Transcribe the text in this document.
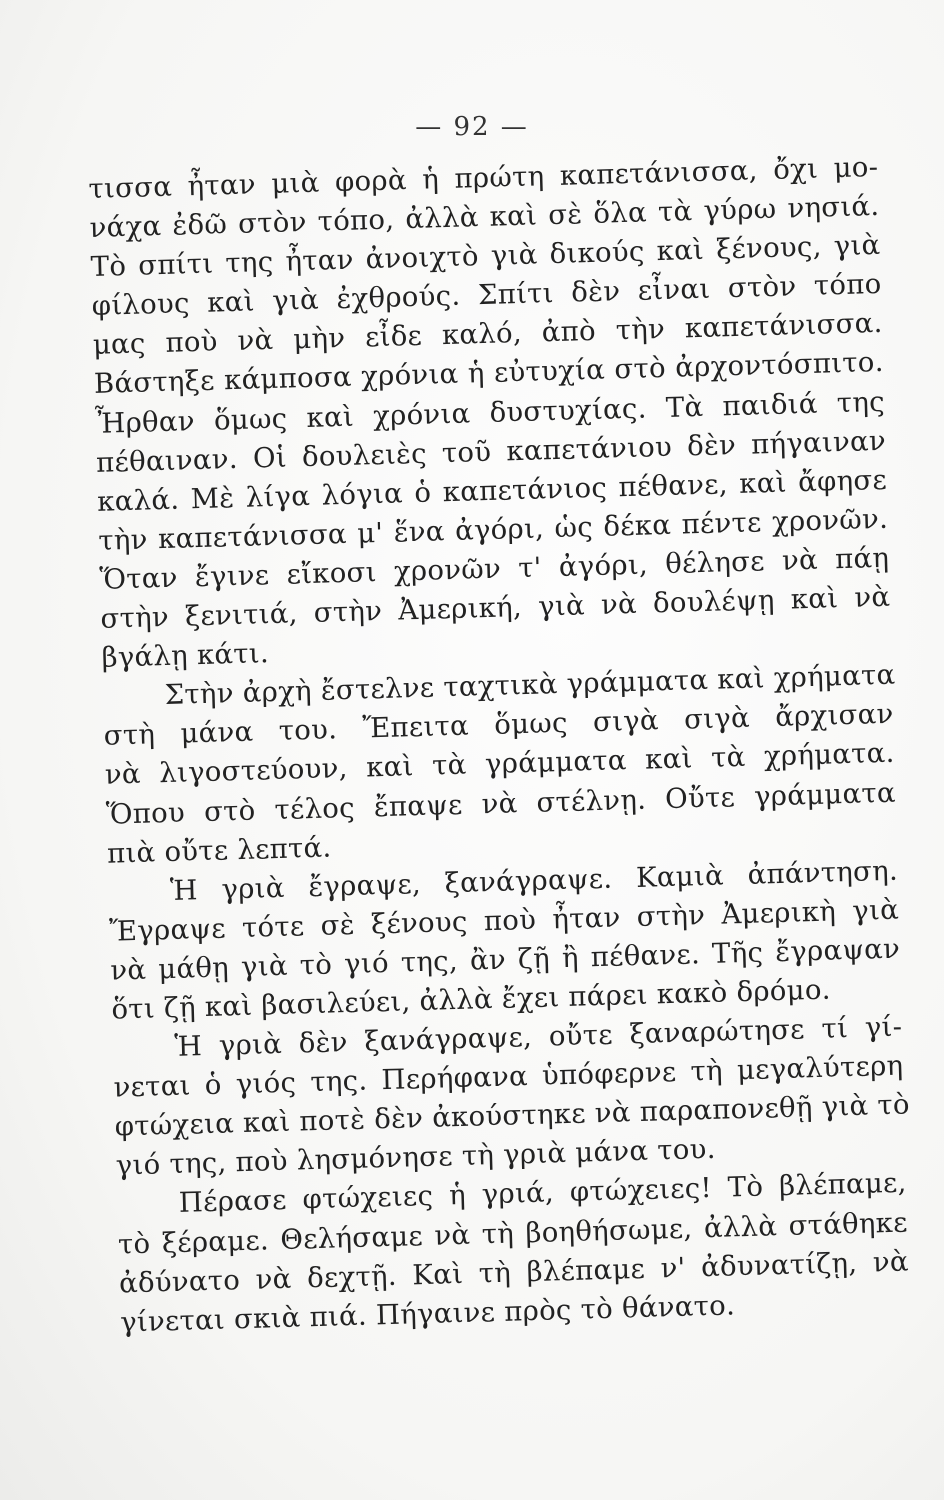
— 92 —
τισσα ἦταν μιὰ φορὰ ἡ πρώτη καπετάνισσα, ὄχι μο-
νάχα ἐδῶ στὸν τόπο, ἀλλὰ καὶ σὲ ὅλα τὰ γύρω νησιά.
Τὸ σπίτι της ἦταν ἀνοιχτὸ γιὰ δικούς καὶ ξένους, γιὰ
φίλους καὶ γιὰ ἐχθρούς. Σπίτι δὲν εἶναι στὸν τόπο
μας ποὺ νὰ μὴν εἶδε καλό, ἀπὸ τὴν καπετάνισσα.
Βάστηξε κάμποσα χρόνια ἡ εὐτυχία στὸ ἀρχοντόσπιτο.
Ἦρθαν ὅμως καὶ χρόνια δυστυχίας. Τὰ παιδιά της
πέθαιναν. Οἱ δουλειὲς τοῦ καπετάνιου δὲν πήγαιναν
καλά. Μὲ λίγα λόγια ὁ καπετάνιος πέθανε, καὶ ἄφησε
τὴν καπετάνισσα μ' ἕνα ἀγόρι, ὡς δέκα πέντε χρονῶν.
Ὅταν ἔγινε εἴκοσι χρονῶν τ' ἀγόρι, θέλησε νὰ πάῃ
στὴν ξενιτιά, στὴν Ἀμερική, γιὰ νὰ δουλέψῃ καὶ νὰ
βγάλῃ κάτι.
Στὴν ἀρχὴ ἔστελνε ταχτικὰ γράμματα καὶ χρήματα
στὴ μάνα του. Ἔπειτα ὅμως σιγὰ σιγὰ ἄρχισαν
νὰ λιγοστεύουν, καὶ τὰ γράμματα καὶ τὰ χρήματα.
Ὅπου στὸ τέλος ἔπαψε νὰ στέλνῃ. Οὔτε γράμματα
πιὰ οὔτε λεπτά.
Ἡ γριὰ ἔγραψε, ξανάγραψε. Καμιὰ ἀπάντηση.
Ἔγραψε τότε σὲ ξένους ποὺ ἦταν στὴν Ἀμερικὴ γιὰ
νὰ μάθῃ γιὰ τὸ γιό της, ἂν ζῇ ἢ πέθανε. Τῆς ἔγραψαν
ὅτι ζῇ καὶ βασιλεύει, ἀλλὰ ἔχει πάρει κακὸ δρόμο.
Ἡ γριὰ δὲν ξανάγραψε, οὔτε ξαναρώτησε τί γί-
νεται ὁ γιός της. Περήφανα ὑπόφερνε τὴ μεγαλύτερη
φτώχεια καὶ ποτὲ δὲν ἀκούστηκε νὰ παραπονεθῇ γιὰ τὸ
γιό της, ποὺ λησμόνησε τὴ γριὰ μάνα του.
Πέρασε φτώχειες ἡ γριά, φτώχειες! Τὸ βλέπαμε,
τὸ ξέραμε. Θελήσαμε νὰ τὴ βοηθήσωμε, ἀλλὰ στάθηκε
ἀδύνατο νὰ δεχτῇ. Καὶ τὴ βλέπαμε ν' ἀδυνατίζῃ, νὰ
γίνεται σκιὰ πιά. Πήγαινε πρὸς τὸ θάνατο.
